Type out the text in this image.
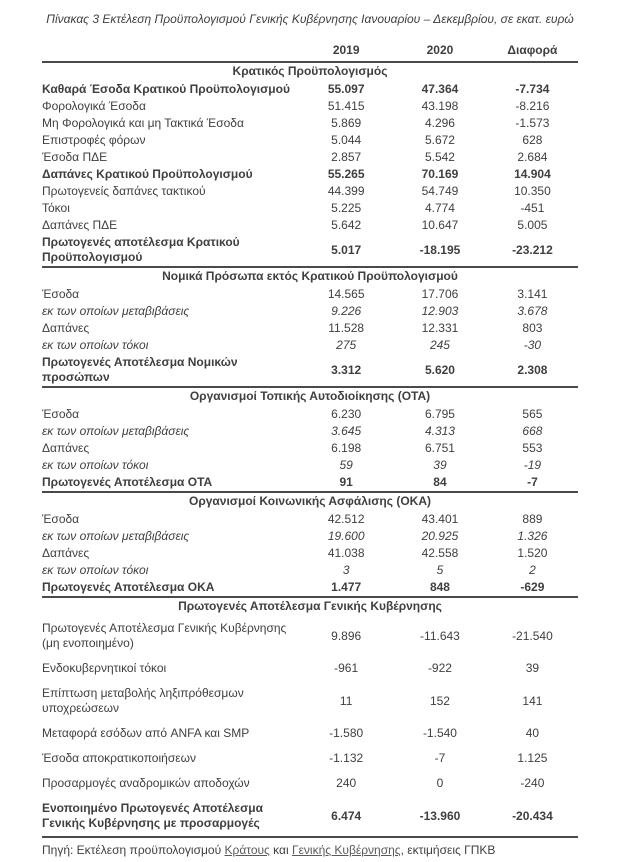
Πίνακας 3 Εκτέλεση Προϋπολογισμού Γενικής Κυβέρνησης Ιανουαρίου – Δεκεμβρίου, σε εκατ. ευρώ
2019	2020	Διαφορά
Κρατικός Προϋπολογισμός
Καθαρά Έσοδα Κρατικού Προϋπολογισμού	55.097	47.364	-7.734
Φορολογικά Έσοδα	51.415	43.198	-8.216
Μη Φορολογικά και μη Τακτικά Έσοδα	5.869	4.296	-1.573
Επιστροφές φόρων	5.044	5.672	628
Έσοδα ΠΔΕ	2.857	5.542	2.684
Δαπάνες Κρατικού Προϋπολογισμού	55.265	70.169	14.904
Πρωτογενείς δαπάνες τακτικού	44.399	54.749	10.350
Τόκοι	5.225	4.774	-451
Δαπάνες ΠΔΕ	5.642	10.647	5.005
Πρωτογενές αποτέλεσμα Κρατικού Προϋπολογισμού
5.017	-18.195	-23.212
Νομικά Πρόσωπα εκτός Κρατικού Προϋπολογισμού
Έσοδα	14.565	17.706	3.141
εκ των οποίων μεταβιβάσεις	9.226	12.903	3.678
Δαπάνες	11.528	12.331	803
εκ των οποίων τόκοι	275	245	-30
Πρωτογενές Αποτέλεσμα Νομικών προσώπων
3.312	5.620	2.308
Οργανισμοί Τοπικής Αυτοδιοίκησης (ΟΤΑ)
Έσοδα	6.230	6.795	565
εκ των οποίων μεταβιβάσεις	3.645	4.313	668
Δαπάνες	6.198	6.751	553
εκ των οποίων τόκοι	59	39	-19
Πρωτογενές Αποτέλεσμα ΟΤΑ	91	84	-7
Οργανισμοί Κοινωνικής Ασφάλισης (ΟΚΑ)
Έσοδα	42.512	43.401	889
εκ των οποίων μεταβιβάσεις	19.600	20.925	1.326
Δαπάνες	41.038	42.558	1.520
εκ των οποίων τόκοι	3	5	2
Πρωτογενές Αποτέλεσμα ΟΚΑ	1.477	848	-629
Πρωτογενές Αποτέλεσμα Γενικής Κυβέρνησης
Πρωτογενές Αποτέλεσμα Γενικής Κυβέρνησης (μη ενοποιημένο)
9.896	-11.643	-21.540
Ενδοκυβερνητικοί τόκοι	-961	-922	39
Επίπτωση μεταβολής ληξιπρόθεσμων υποχρεώσεων
11	152	141
Μεταφορά εσόδων από ANFA και SMP	-1.580	-1.540	40
Έσοδα αποκρατικοποιήσεων	-1.132	-7	1.125
Προσαρμογές αναδρομικών αποδοχών	240	0	-240
Ενοποιημένο Πρωτογενές Αποτέλεσμα Γενικής Κυβέρνησης με προσαρμογές
6.474	-13.960	-20.434
Πηγή: Εκτέλεση προϋπολογισμού Κράτους και Γενικής Κυβέρνησης, εκτιμήσεις ΓΠΚΒ
